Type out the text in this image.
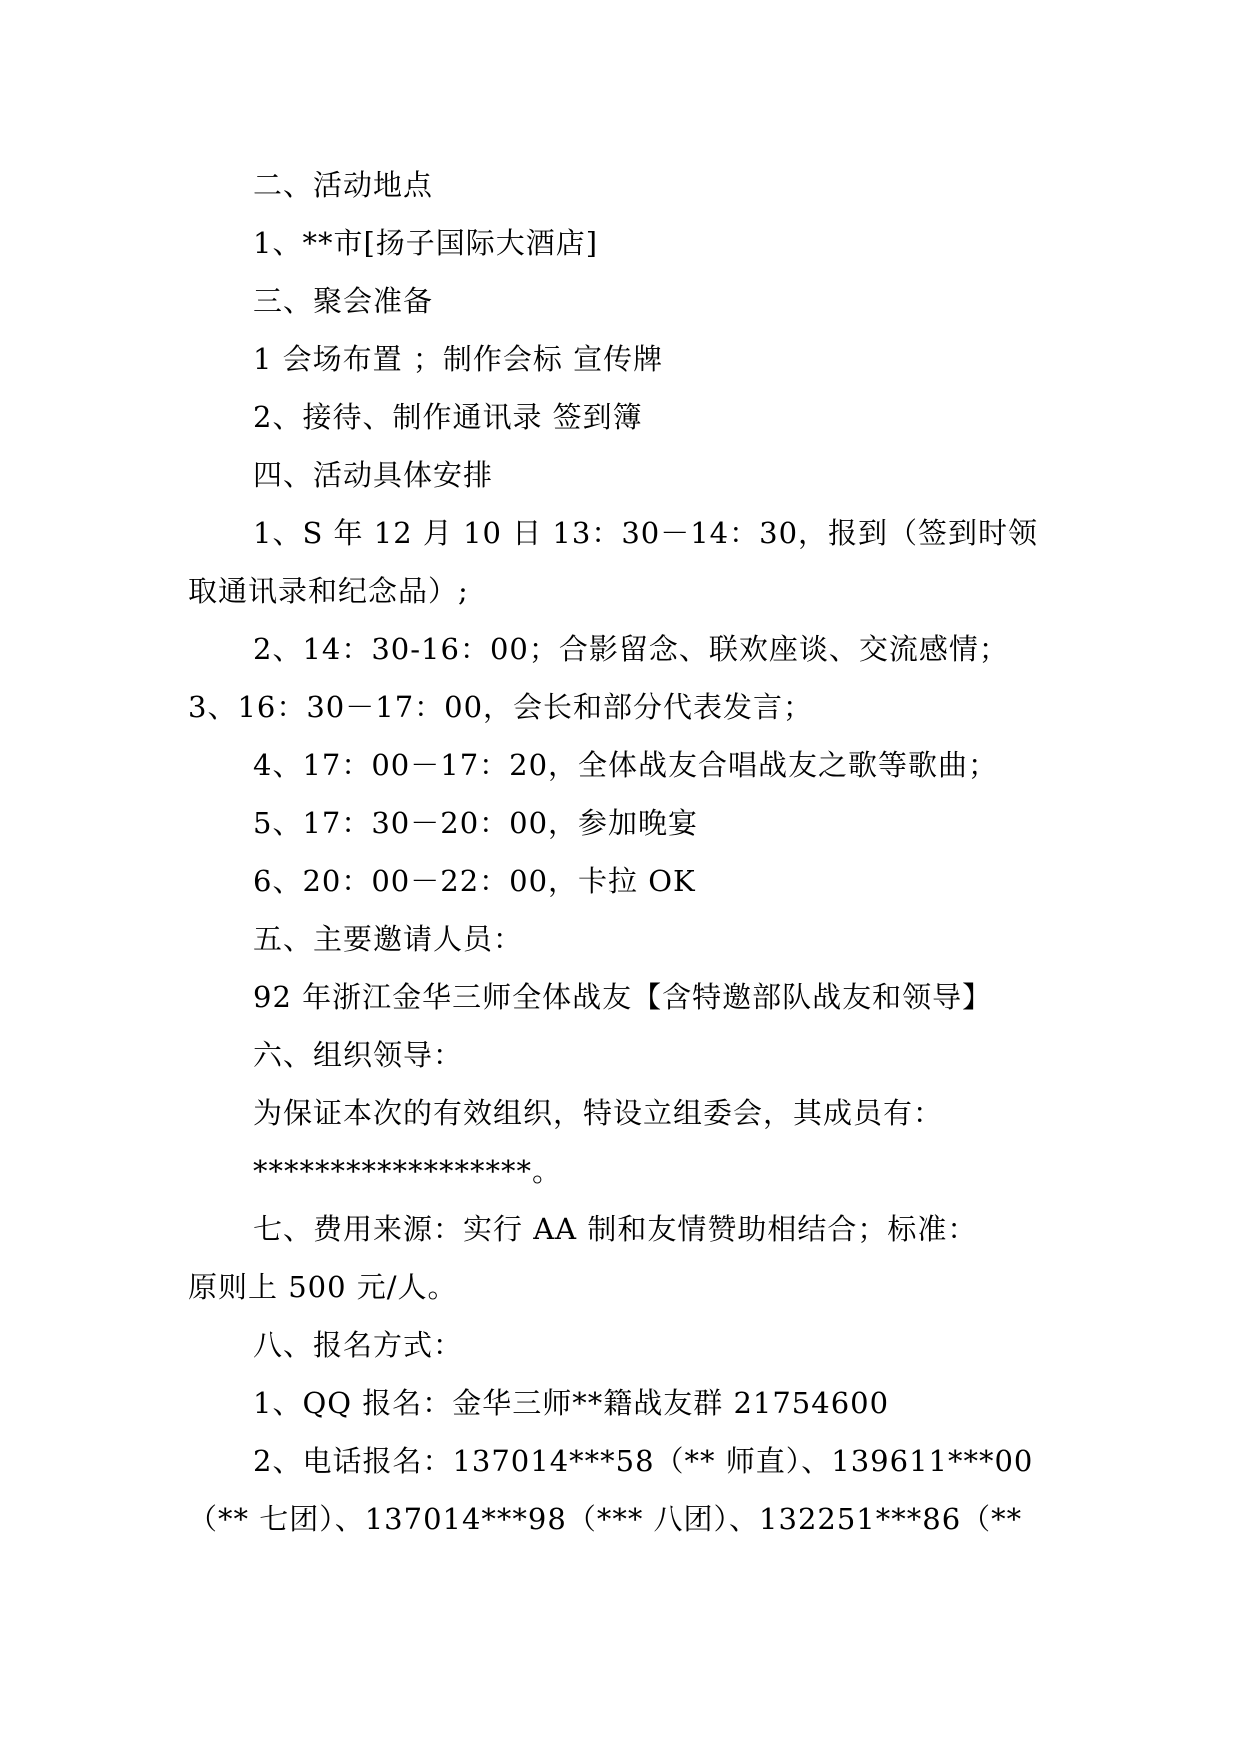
二、活动地点
1、**市[扬子国际大酒店]
三、聚会准备
1 会场布置 ；制作会标 宣传牌
2、接待、制作通讯录 签到簿
四、活动具体安排
1、S 年 12 月 10 日 13：30－14：30，报到（签到时领
取通讯录和纪念品）;
2、14：30-16：00；合影留念、联欢座谈、交流感情；
3、16：30－17：00，会长和部分代表发言；
4、17：00－17：20，全体战友合唱战友之歌等歌曲；
5、17：30－20：00，参加晚宴
6、20：00－22：00，卡拉 OK
五、主要邀请人员：
92 年浙江金华三师全体战友【含特邀部队战友和领导】
六、组织领导：
为保证本次的有效组织，特设立组委会，其成员有：
******************。
七、费用来源：实行 AA 制和友情赞助相结合；标准：
原则上 500 元/人。
八、报名方式：
1、QQ 报名：金华三师**籍战友群 21754600
2、电话报名：137014***58（** 师直）、139611***00
（** 七团）、137014***98（*** 八团）、132251***86（**
